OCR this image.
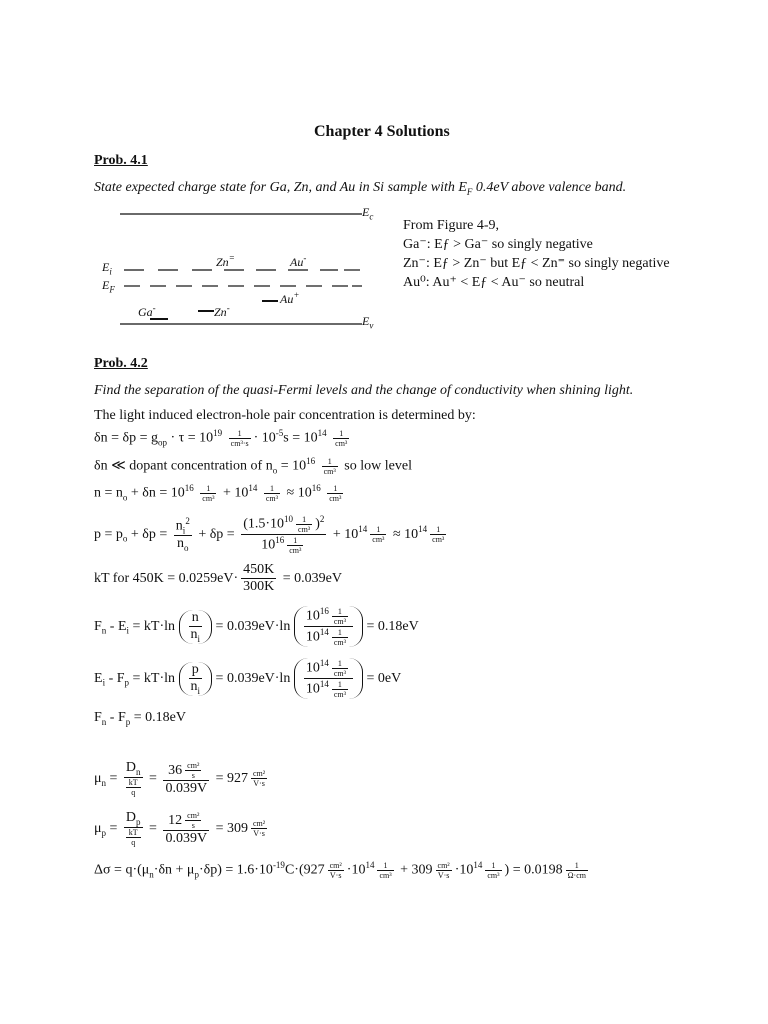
Chapter 4 Solutions
Prob. 4.1
State expected charge state for Ga, Zn, and Au in Si sample with $E_F$ 0.4eV above valence band.
$E_c$
$E_v$
$E_i$
$E_F$
Zn=	Au-
Ga-	Zn-
Au+
From Figure 4-9,
Ga⁻: Eƒ > Ga⁻ so singly negative
Zn⁻: Eƒ > Zn⁻ but Eƒ < Zn⁼ so singly negative
Au⁰: Au⁺ < Eƒ < Au⁻ so neutral
Prob. 4.2
Find the separation of the quasi-Fermi levels and the change of conductivity when shining light.
The light induced electron-hole pair concentration is determined by:
$\delta n = \delta p = g_{op} \cdot \tau = 10^{19} \frac{1}{\text{cm³·s}} \cdot 10^{-5}s = 10^{14} \frac{1}{\text{cm³}}$
δn ≪ dopant concentration of $n_o = 10^{16} \frac{1}{\text{cm³}}$ so low level
$n = n_o + \delta n = 10^{16} \frac{1}{\text{cm³}} + 10^{14} \frac{1}{\text{cm³}} \approx 10^{16} \frac{1}{\text{cm³}}$
$p = p_o + \delta p = \frac{n_i^2}{n_o} + \delta p = \frac{(1.5\cdot 10^{10} \frac{1}{\text{cm³}} )^2}{10^{16} \frac{1}{\text{cm³}}} + 10^{14} \frac{1}{\text{cm³}} \approx 10^{14} \frac{1}{\text{cm³}}$
kT for $450K = 0.0259eV\cdot \frac{450K}{300K} = 0.039eV$
$F_n - E_i = kT\cdot\ln \frac{n}{n_i} = 0.039eV\cdot\ln \frac{10^{16} \frac{1}{\text{cm³}}}{10^{14} \frac{1}{\text{cm³}}} = 0.18eV$
$E_i - F_p = kT\cdot\ln \frac{p}{n_i} = 0.039eV\cdot\ln \frac{10^{14} \frac{1}{\text{cm³}}}{10^{14} \frac{1}{\text{cm³}}} = 0eV$
$F_n - F_p = 0.18eV$
$\mu_n = D_n$
kT
$q = \frac{36 \frac{\text{cm²}}{s}}{0.039V} = 927 \frac{\text{cm²}}{V\cdot s}$
$\mu_p = D_p$
kT
$q = \frac{12 \frac{\text{cm²}}{s}}{0.039V} = 309 \frac{\text{cm²}}{V\cdot s}$
$\Delta\sigma = q\cdot(\mu_n\cdot\delta n + \mu_p\cdot\delta p) = 1.6\cdot 10^{-19}C\cdot(927 \frac{\text{cm²}}{V\cdot s} \cdot 10^{14} \frac{1}{\text{cm³}} + 309 \frac{\text{cm²}}{V\cdot s} \cdot 10^{14} \frac{1}{\text{cm³}}$ ) = $0.0198 \frac{1}{\Omega\cdot cm}$
